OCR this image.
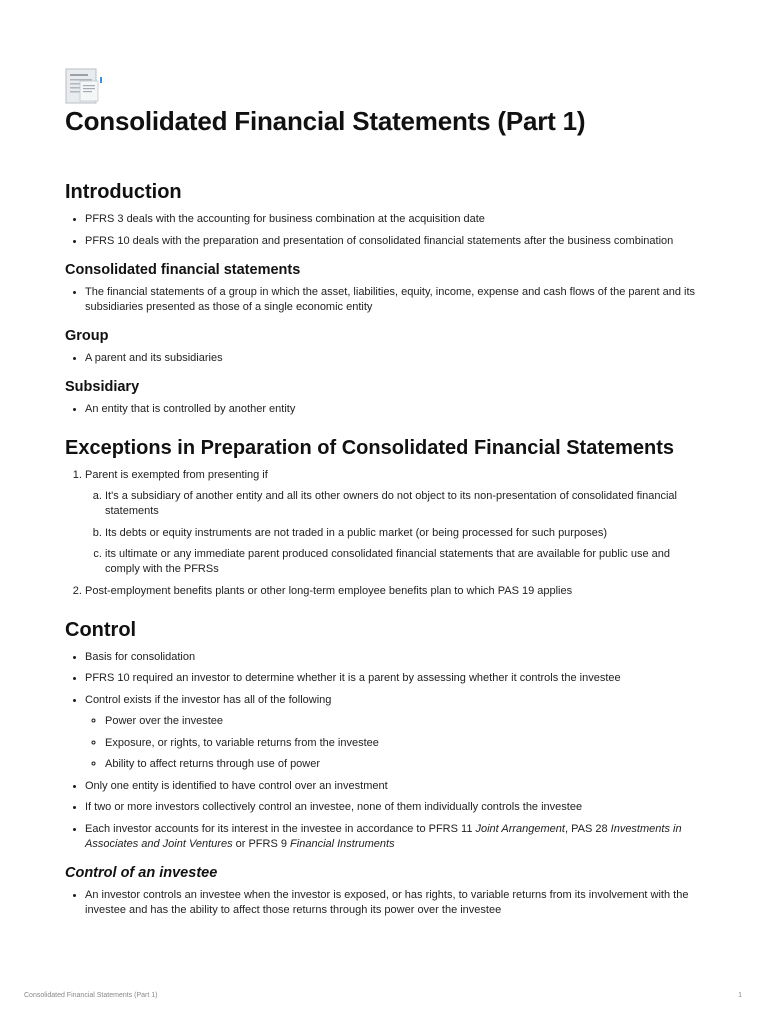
Consolidated Financial Statements (Part 1)
Introduction
• PFRS 3 deals with the accounting for business combination at the acquisition date
• PFRS 10 deals with the preparation and presentation of consolidated financial statements after the business combination
Consolidated financial statements
• The financial statements of a group in which the asset, liabilities, equity, income, expense and cash flows of the parent and its subsidiaries presented as those of a single economic entity
Group
• A parent and its subsidiaries
Subsidiary
• An entity that is controlled by another entity
Exceptions in Preparation of Consolidated Financial Statements
1. Parent is exempted from presenting if
a. It's a subsidiary of another entity and all its other owners do not object to its non-presentation of consolidated financial statements
b. Its debts or equity instruments are not traded in a public market (or being processed for such purposes)
c. its ultimate or any immediate parent produced consolidated financial statements that are available for public use and comply with the PFRSs
2. Post-employment benefits plants or other long-term employee benefits plan to which PAS 19 applies
Control
• Basis for consolidation
• PFRS 10 required an investor to determine whether it is a parent by assessing whether it controls the investee
• Control exists if the investor has all of the following
◦ Power over the investee
◦ Exposure, or rights, to variable returns from the investee
◦ Ability to affect returns through use of power
• Only one entity is identified to have control over an investment
• If two or more investors collectively control an investee, none of them individually controls the investee
• Each investor accounts for its interest in the investee in accordance to PFRS 11 Joint Arrangement, PAS 28 Investments in Associates and Joint Ventures or PFRS 9 Financial Instruments
Control of an investee
• An investor controls an investee when the investor is exposed, or has rights, to variable returns from its involvement with the investee and has the ability to affect those returns through its power over the investee
Consolidated Financial Statements (Part 1)	1
